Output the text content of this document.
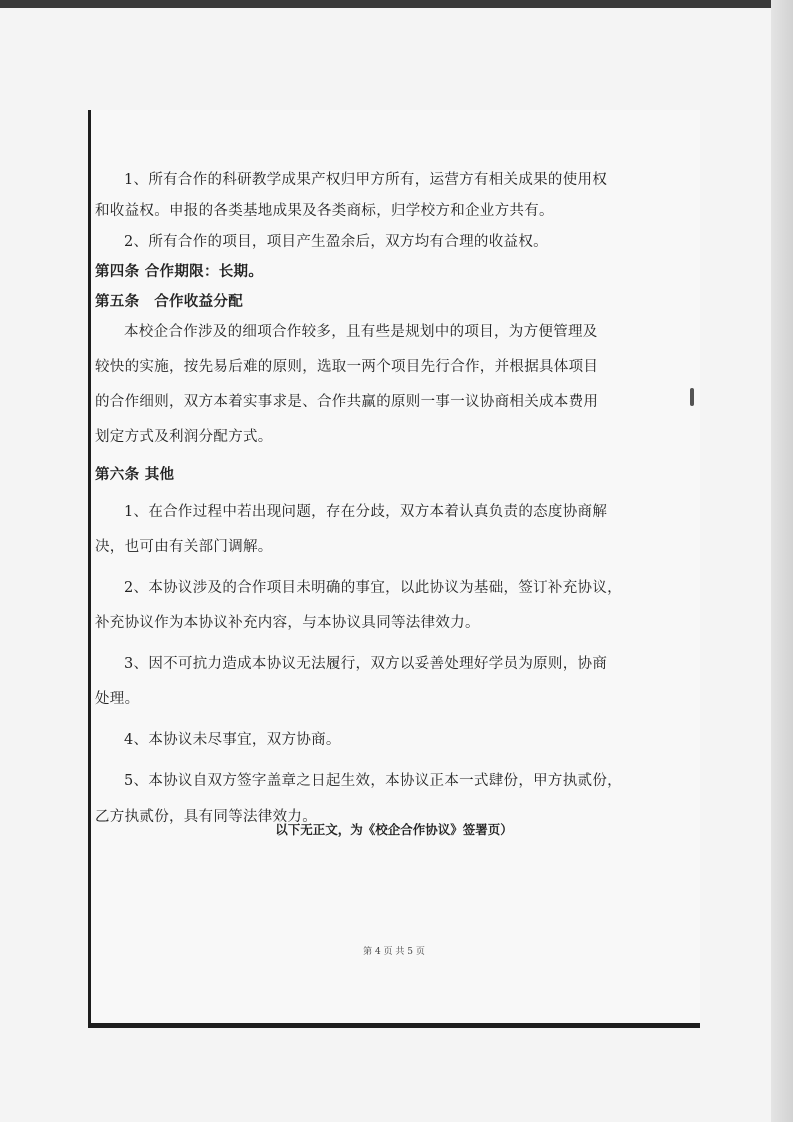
1、所有合作的科研教学成果产权归甲方所有，运营方有相关成果的使用权

和收益权。申报的各类基地成果及各类商标，归学校方和企业方共有。

2、所有合作的项目，项目产生盈余后，双方均有合理的收益权。

第四条 合作期限：长期。

第五条　合作收益分配

本校企合作涉及的细项合作较多，且有些是规划中的项目，为方便管理及

较快的实施，按先易后难的原则，选取一两个项目先行合作，并根据具体项目

的合作细则，双方本着实事求是、合作共赢的原则一事一议协商相关成本费用

划定方式及利润分配方式。

第六条 其他

1、在合作过程中若出现问题，存在分歧，双方本着认真负责的态度协商解

决，也可由有关部门调解。

2、本协议涉及的合作项目未明确的事宜，以此协议为基础，签订补充协议，

补充协议作为本协议补充内容，与本协议具同等法律效力。

3、因不可抗力造成本协议无法履行，双方以妥善处理好学员为原则，协商

处理。

4、本协议未尽事宜，双方协商。

5、本协议自双方签字盖章之日起生效，本协议正本一式肆份，甲方执贰份，

乙方执贰份，具有同等法律效力。

以下无正文，为《校企合作协议》签署页）
第 4 页 共 5 页
